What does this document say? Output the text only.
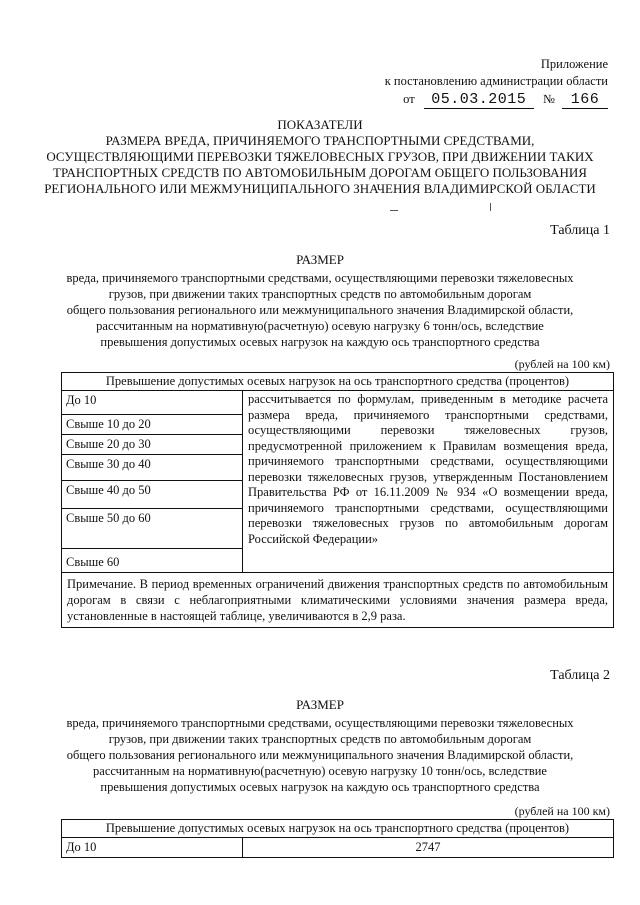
Приложение
к постановлению администрации области
от 05.03.2015 № 166
ПОКАЗАТЕЛИ
РАЗМЕРА ВРЕДА, ПРИЧИНЯЕМОГО ТРАНСПОРТНЫМИ СРЕДСТВАМИ, ОСУЩЕСТВЛЯЮЩИМИ ПЕРЕВОЗКИ ТЯЖЕЛОВЕСНЫХ ГРУЗОВ, ПРИ ДВИЖЕНИИ ТАКИХ ТРАНСПОРТНЫХ СРЕДСТВ ПО АВТОМОБИЛЬНЫМ ДОРОГАМ ОБЩЕГО ПОЛЬЗОВАНИЯ РЕГИОНАЛЬНОГО ИЛИ МЕЖМУНИЦИПАЛЬНОГО ЗНАЧЕНИЯ ВЛАДИМИРСКОЙ ОБЛАСТИ
Таблица 1
РАЗМЕР
вреда, причиняемого транспортными средствами, осуществляющими перевозки тяжеловесных
грузов, при движении таких транспортных средств по автомобильным дорогам
общего пользования регионального или межмуниципального значения Владимирской области,
рассчитанным на нормативную(расчетную) осевую нагрузку 6 тонн/ось, вследствие
превышения допустимых осевых нагрузок на каждую ось транспортного средства
(рублей на 100 км)
Превышение допустимых осевых нагрузок на ось транспортного средства (процентов)
До 10	рассчитывается по формулам, приведенным в методике расчета размера вреда, причиняемого транспортными средствами, осуществляющими перевозки тяжеловесных грузов, предусмотренной приложением к Правилам возмещения вреда, причиняемого транспортными средствами, осуществляющими перевозки тяжеловесных грузов, утвержденным Постановлением Правительства РФ от 16.11.2009 № 934 «О возмещении вреда, причиняемого транспортными средствами, осуществляющими перевозки тяжеловесных грузов по автомобильным дорогам Российской Федерации»
Свыше 10 до 20
Свыше 20 до 30
Свыше 30 до 40
Свыше 40 до 50
Свыше 50 до 60
Свыше 60
Примечание. В период временных ограничений движения транспортных средств по автомобильным дорогам в связи с неблагоприятными климатическими условиями значения размера вреда, установленные в настоящей таблице, увеличиваются в 2,9 раза.
Таблица 2
РАЗМЕР
вреда, причиняемого транспортными средствами, осуществляющими перевозки тяжеловесных
грузов, при движении таких транспортных средств по автомобильным дорогам
общего пользования регионального или межмуниципального значения Владимирской области,
рассчитанным на нормативную(расчетную) осевую нагрузку 10 тонн/ось, вследствие
превышения допустимых осевых нагрузок на каждую ось транспортного средства
(рублей на 100 км)
Превышение допустимых осевых нагрузок на ось транспортного средства (процентов)
До 10	2747
